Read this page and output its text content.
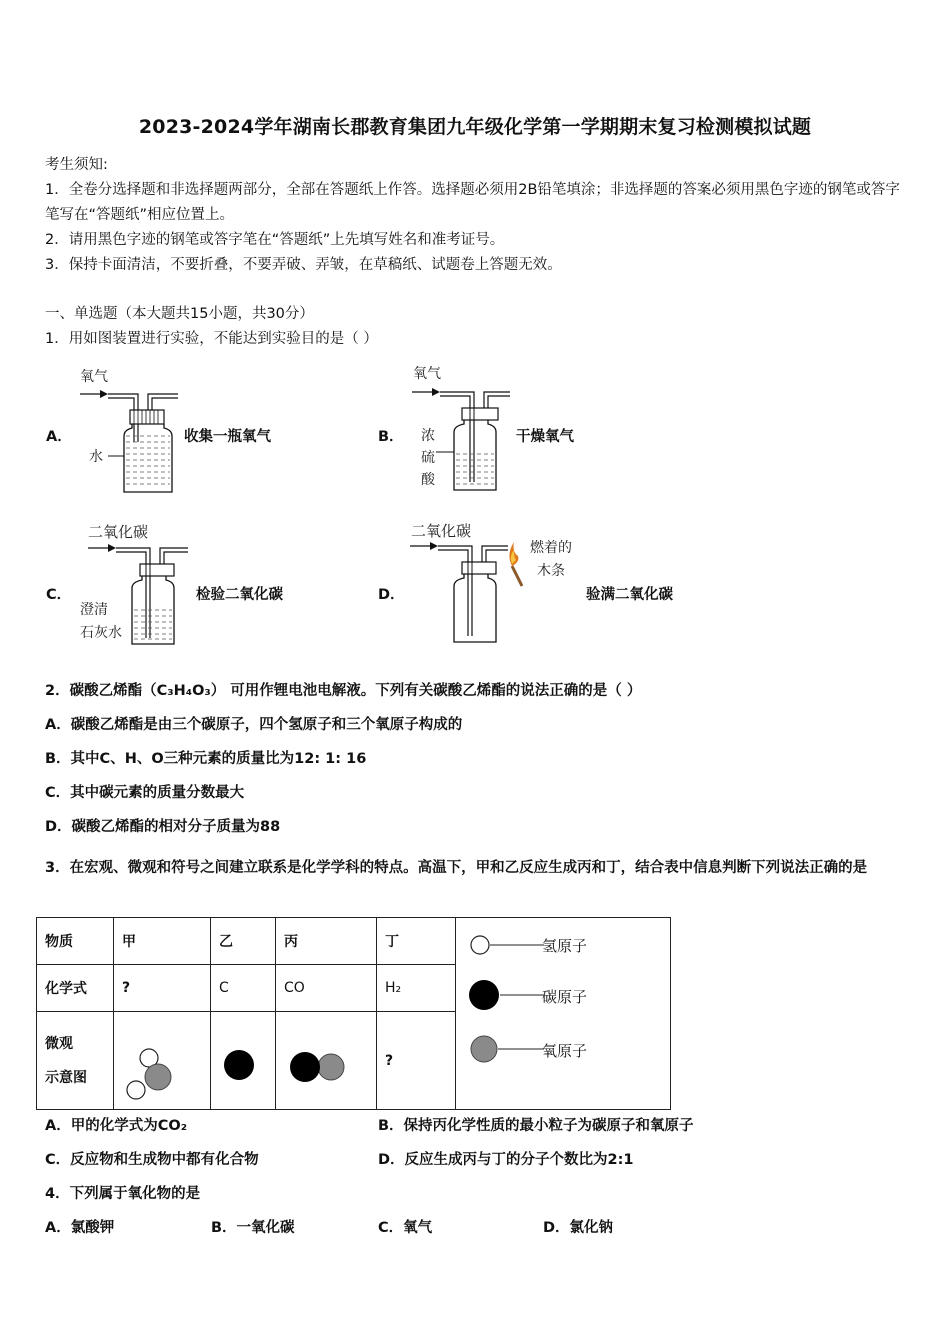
2023-2024学年湖南长郡教育集团九年级化学第一学期期末复习检测模拟试题
考生须知:
1．全卷分选择题和非选择题两部分，全部在答题纸上作答。选择题必须用2B铅笔填涂；非选择题的答案必须用黑色字迹的钢笔或答字笔写在“答题纸”相应位置上。
2．请用黑色字迹的钢笔或答字笔在“答题纸”上先填写姓名和准考证号。
3．保持卡面清洁，不要折叠，不要弄破、弄皱，在草稿纸、试题卷上答题无效。
一、单选题（本大题共15小题，共30分）
1．用如图装置进行实验，不能达到实验目的是（ ）
A．
氧气
水
收集一瓶氧气	B．
氧气
浓
硫
酸
干燥氧气
C．
二氧化碳
澄清
石灰水
检验二氧化碳	D．
二氧化碳
燃着的
木条
验满二氧化碳
2．碳酸乙烯酯（C₃H₄O₃） 可用作锂电池电解液。下列有关碳酸乙烯酯的说法正确的是（ ）
A．碳酸乙烯酯是由三个碳原子，四个氢原子和三个氧原子构成的
B．其中C、H、O三种元素的质量比为12: 1: 16
C．其中碳元素的质量分数最大
D．碳酸乙烯酯的相对分子质量为88
3．在宏观、微观和符号之间建立联系是化学学科的特点。高温下，甲和乙反应生成丙和丁，结合表中信息判断下列说法正确的是
物质	甲	乙	丙	丁	氢原子
碳原子
氧原子

化学式	?	C	CO	H₂	

微观
示意图				?	
A．甲的化学式为CO₂	B．保持丙化学性质的最小粒子为碳原子和氧原子
C．反应物和生成物中都有化合物	D．反应生成丙与丁的分子个数比为2:1
4．下列属于氧化物的是
A．氯酸钾	B．一氧化碳	C．氧气	D．氯化钠
